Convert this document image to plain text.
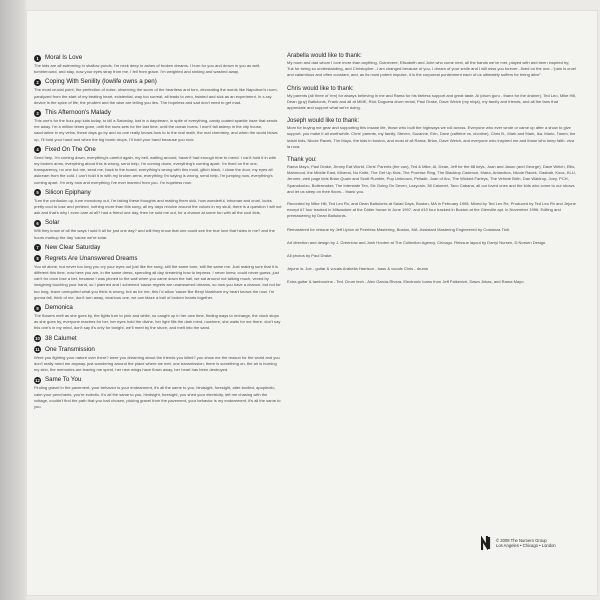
1	Moral Is Love

The kids are all swimming in shallow ponds. I'm neck deep in ashes of broken dreams. I burn for you and drown in you as well, tumbleround, and stay, now your eyes stray from me. I fell from grace. I'm weighted and sinking and washed away.

2	Coping With Senility (lowlife owns a pen)

The most crucial point, the perfection of noise, observing the scorn of the heartless and torn, decorating the words like Napoleon's room, paralyzed from the start of my beating heart, existential, way too surreal, all leads to zero, twisted and sick as an experiment. In x-ray device is the spice of life, the prudent and the wise are telling you lies. The hopeless and sad don't need to get mad.

3	This Afternoon's Malady

This one's for the fuzz-pop kids today, to kill a Saturday, lost in a daydream, in spite of everything, candy coated sparkle haze that sends me away. I'm a million times gone, until the suns sets for the last time, until the ocean burns. I won't fall asleep in the city house, saccharine in my veins, these days go by and no one really knows how to to the real math, the real chemistry, and when the world blows up, I'll hold your hand and when the big bomb drops, I'll hold your hand because you rock.

4	Fixed On The One

Send help, I'm coming down, everything's careful again, my bell, waiting around, haven't had enough time to mend. I can't hold it in with my broken arms, everything about this is wrong, send help, I'm coming down, everything's coming apart. I'm fixed on the one, transparency, no one but me, send me, back to the board, everything's wrong with this mold, glitch black, I close the door, my eyes all askream from the cold. I can't hold it in with my broken arms, everything I'm saying is wrong, send help, I'm jumping now, everything's coming apart. I'm only now and everything I've ever learned from you. I'm hopeless now.

5	Silicon Epiphany

Turn the confusion up, tune monotony out, I'm taking these thoughts and making them sick, how wonderful, inhuman and cruel, looks pretty cool to lose and pretend, nothing more than this song, all my days revolve around the voices in my skull, there is a question I will not ask and that's why I even care at all? had a friend one day, then he sold me out, for a chance at some fun with all the cool kids.

6	Solar

Will they know of all the ways I sold it all for just one day? and will they know that one could see the true love that hides in me? and the hours markup the day 'cause we're solar.

7	New Clear Saturday
8	Regrets Are Unanswered Dreams

You sit alone, but never too long you cry your eyes out just like the song, still the same tune, still the same me. Just making sure that it is different this time, now here you are, in the same dress, spending all day dreaming how to impress. I never knew, could never guess, just can't for once lose a bet, because I was pinned to the wall when you came down the hall, we sat around not talking much, vexed by imagining touching your hand, so I planned and I schemed 'cause regrets are unanswered dreams, so now you have a chance, but not for too long, leave unrequited what you think is wrong, but as for me, this I'd allow 'cause like Beryl Markham my heart knows the now. I'm gonna fall, think of me, don't turn away, vicarious one, we can blaze a trail of broken hearts together.

9	Demonica

The flowers melt as she goes by, the lights turn to pink and white, so caught up in her own time, finding ways to recharge, the clock stops as she goes by, everyone reaches for her, her eyes hold the divine, her light fills the dark mind, nowhere, she waits for me there. don't say this one's in my mind, don't say it's only for tonight, we'll meet by the shore, and melt into the sand.

10 38 Calumet
11 One Transmission

Were you fighting your nature over there? were you dreaming about the friends you killed? you show me the reason for the world and you don't really need me anyway. just wandering around the place where we met, one transmission, there is something on, the air is burning my skin, the memories are leaving me spent, her new wings have flown away, her heart has been destroyed.

12 Same To You

Finding gravel in the pavement, your behavior is your endearment, it's all the same to you, hindsight, foresight, aiter-bodied, apoplectic, calm your penchants, you're eclectic, it's all the same to you, hindsight, foresight, you shed your electricity, left me chasing with the voltage, couldn't find the path that you had chosen, picking gravel from the pavement, your behavior is my endearment, it's all the same to you.

Arabella would like to thank:

My mom and dad whom I love more than anything, Guinevere, Elisabeth and John who come next, all the bands we've met, played with and been inspired by; Tuk for being so understanding, and Christopher...I am changed because of you, I dream of your smile and I will miss you forever...fixed on the one..."pain is cruel and calamitous and often constant, and, as its most potent impulse, it is the corporeal punishment each of us ultimately suffers for being alive".

Chris would like to thank:

My parents (all three of 'em) for always believing in me and Rama for his tireless support and great taste, Al (drum guru - thanx for the drainer), Ted Leo, Mike Hill, Dean (guy) Baltulonis, Frank and all at MME, Rick Duguera drum rental, Paul Drake, Dave Welch (my ninja), my family and friends, and all the fans that appreciate and support what we're doing.

Joseph would like to thank:

Mom for buying me gear and supporting this insane life, those who built the highways we roll across. Everyone who ever wrote or came up after a show to give support, you make it all worthwhile. Chris' parents, my family, Steven, Suzanne, Erin, Dave (caffeine vs. nicotine), Chris B., Mark and Mark, Ika, Mario, Tamm, the lwishi kids, Nicole Racek, Tim Mayo, the kids in boston, and most of all Rama; Brian, Dave Welch, and everyone who inspired me and those who keep faith. viva la roca.

Thank you:

Rama Mayo, Paul Drake, Jimmy Eat World, Chris' Parents (the van), Ted & Mike, Al, Dean, Jeff for the 88 keys, Joan and Jason (and George), Dave Welch, Ellis, Mahmood, the Middle East, Mineral, No Knife, The Get Up Kids, The Promise Ring, The Blacktop Cadence, Maria, Antarctica, Nicole Racek, Gasbah, Koos, KLU, Jerome, web page kids Brian Quain and Scott Rumble, Pop Unknown, Pelladir, Joan of Arc, The Wicked Farleys, The Vehicle Birth, Dan Waldrop, Joey, PCH, Spanakorizo, Boilermaker, The Interstate Ten, Six Going On Seven, Lazycain, 38 Calumet, Taco Cabana, all our loved ones and the kids who come to our shows and let us sleep on their floors... thank you.

Recorded by Mike Hill, Ted Leo Rx, and Dean Baltulonis at Salad Days, Boston, MA in February 1998. Mixed by Ted Leo Rx, Produced by Ted Leo Rx and Jejune except #7 four tracked in Milwaukee at the Didier house in June 1997, and #10 four tracked in Boston at the Glenville apt. in November 1996. Editing and premastering by Dean Baltulonis.

Remastered for reissue by Jeff Lipton at Peerless Mastering, Boston, MA. Assistant Mastering Engineered by Costanza Tinti.

Art direction and design by J. Greenlow and Josh Hooten at The Collection Agency, Chicago. Reissue layout by Darryl Norsen, D.Norsen Design.

All photos by Paul Drake.

Jejune is: Joe - guitar & vocals Arabella Harrison - bass & vocals Chris - drums

Extra guitar & tambourine - Ted. Drum tech - Alex Garcia-Rivera, Electronic loans from Jeff Palkevich, Dawn Jirkas, and Rama Mayo.

© 2008 The Numero Group
Los Angeles • Chicago • London
